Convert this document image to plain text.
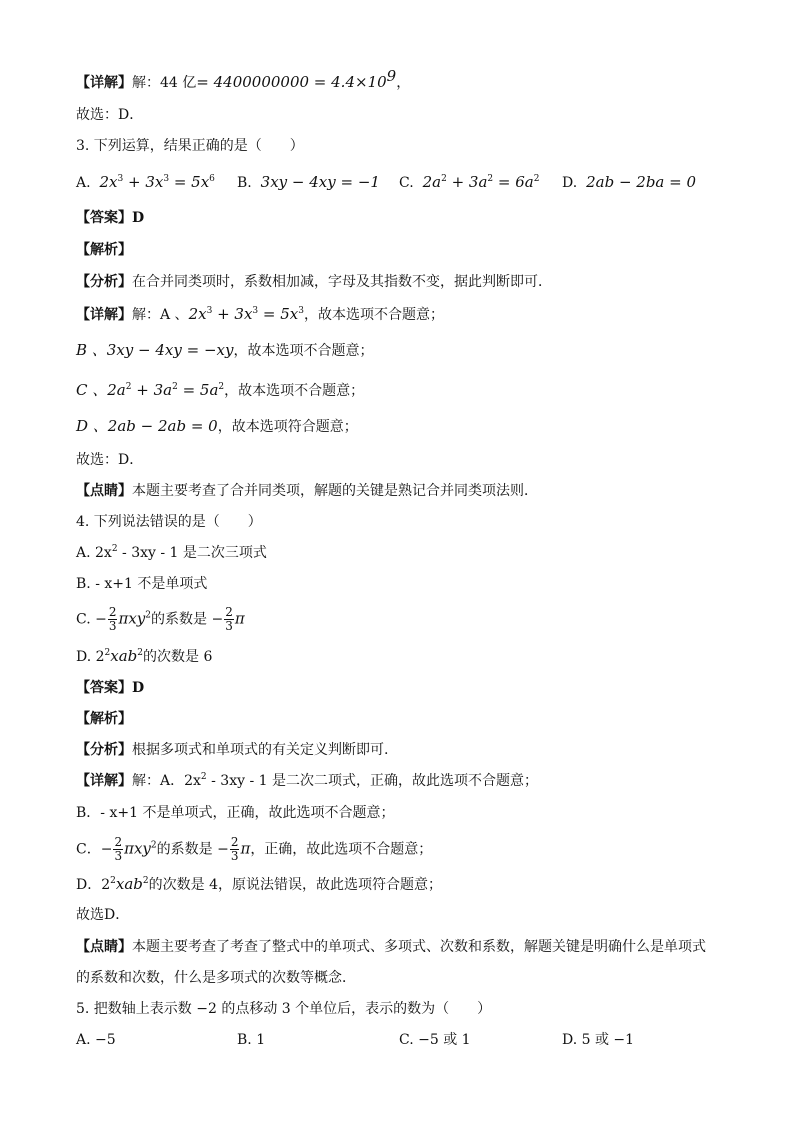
【详解】解：44 亿= $4400000000 = 4.4\times 10^9$，
故选：D．
3. 下列运算，结果正确的是（　　）
A. $2x^3 + 3x^3 = 5x^6$ B. 3xy − 4xy = −1 C. $2a^2 + 3a^2 = 6a^2$ D. 2ab − 2ba = 0
【答案】D
【解析】
【分析】在合并同类项时，系数相加减，字母及其指数不变，据此判断即可．
【详解】解：A 、$2x^3 + 3x^3 = 5x^3$，故本选项不合题意；
B 、3xy − 4xy = −xy，故本选项不合题意；
C 、$2a^2 + 3a^2 = 5a^2$，故本选项不合题意；
D 、2ab − 2ab = 0，故本选项符合题意；
故选：D．
【点睛】本题主要考查了合并同类项，解题的关键是熟记合并同类项法则．
4. 下列说法错误的是（　　）
A. $2x^2 - 3xy - 1$ 是二次三项式
B. - x+1 不是单项式
C. − $\frac{2}{3} \pi xy^2$的系数是 − $\frac{2}{3}$ π
D. $2^2xab^2$的次数是 6
【答案】D
【解析】
【分析】根据多项式和单项式的有关定义判断即可.
【详解】解：A．$2x^2 - 3xy - 1$ 是二次二项式，正确，故此选项不合题意；
B．- x+1 不是单项式，正确，故此选项不合题意；
C．− $\frac{2}{3} \pi xy^2$的系数是 − $\frac{2}{3}$ π，正确，故此选项不合题意；
D．$2^2xab^2$的次数是 4，原说法错误，故此选项符合题意；
故选D．
【点睛】本题主要考查了考查了整式中的单项式、多项式、次数和系数，解题关键是明确什么是单项式
的系数和次数，什么是多项式的次数等概念．
5. 把数轴上表示数 −2 的点移动 3 个单位后，表示的数为（　　）
A. −5	B. 1	C. −5 或 1	D. 5 或 −1
